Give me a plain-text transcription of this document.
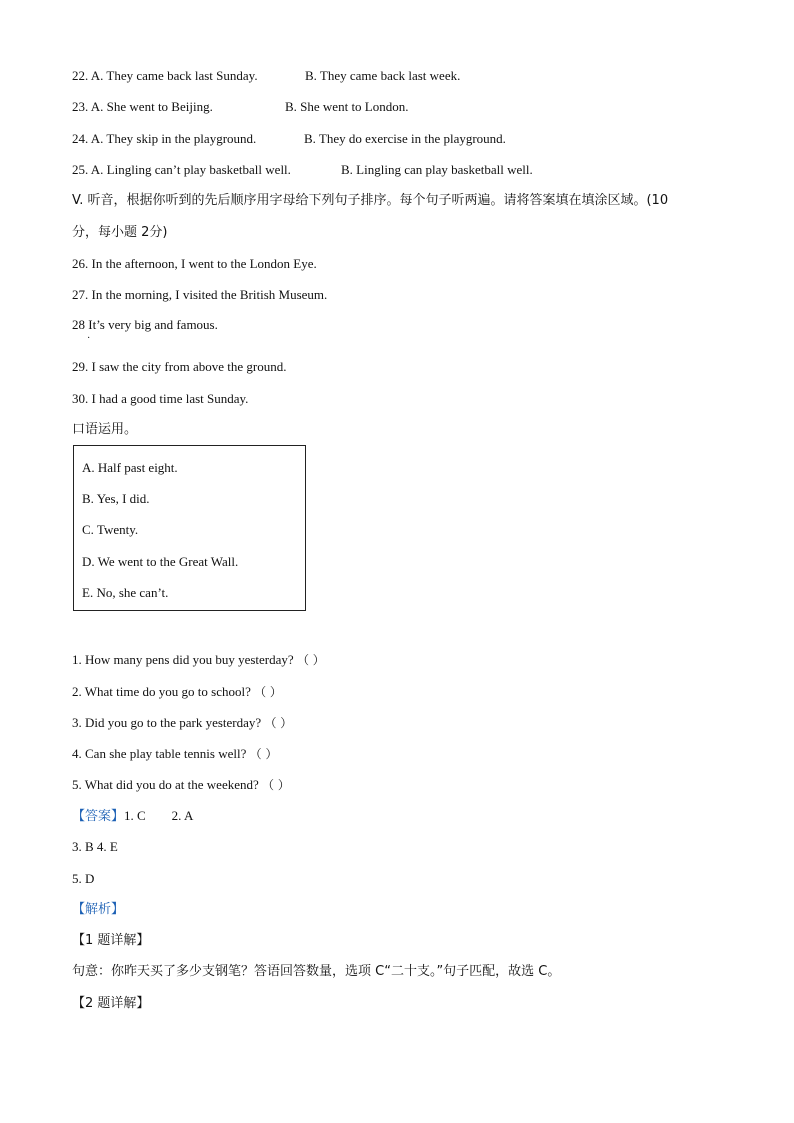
22. A. They came back last Sunday.	B. They came back last week.
23. A. She went to Beijing.	B. She went to London.
24. A. They skip in the playground.	B. They do exercise in the playground.
25. A. Lingling can’t play basketball well.	B. Lingling can play basketball well.
V. 听音，根据你听到的先后顺序用字母给下列句子排序。每个句子听两遍。请将答案填在填涂区域。(10
分，每小题 2分)
26. In the afternoon, I went to the London Eye.
27. In the morning, I visited the British Museum.
28 It’s very big and famous.
·
29. I saw the city from above the ground.
30. I had a good time last Sunday.
口语运用。
A. Half past eight.
B. Yes, I did.
C. Twenty.
D. We went to the Great Wall.
E. No, she can’t.
1. How many pens did you buy yesterday? （ ）
2. What time do you go to school? （ ）
3. Did you go to the park yesterday? （ ）
4. Can she play table tennis well? （ ）
5. What did you do at the weekend? （ ）
【答案】1. C        2. A
3. B 4. E
5. D
【解析】
【1 题详解】
句意：你昨天买了多少支钢笔？答语回答数量，选项 C“二十支。”句子匹配，故选 C。
【2 题详解】
